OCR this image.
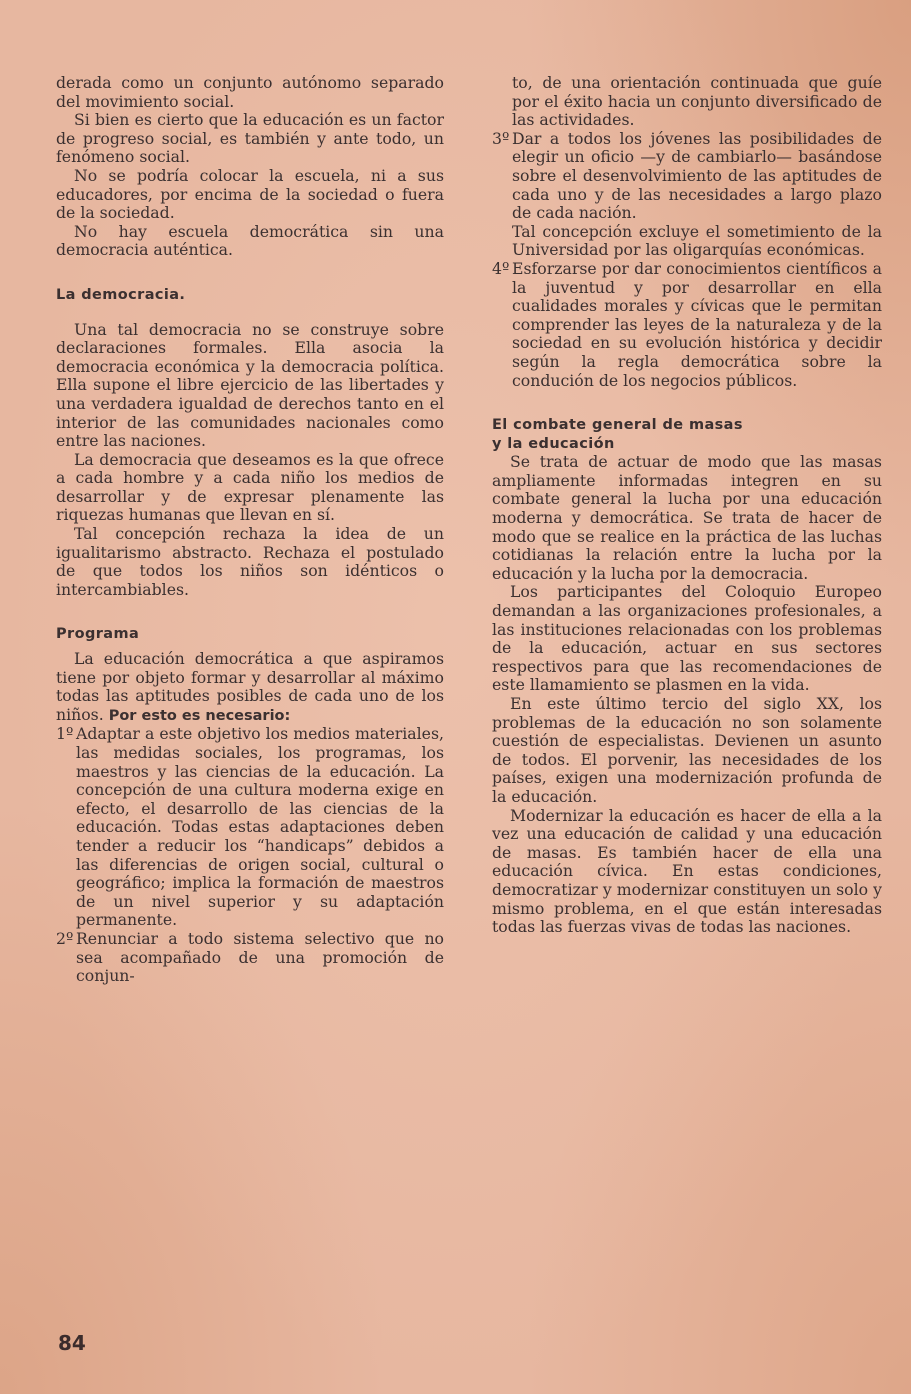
derada como un conjunto autónomo separado del movimiento social.

Si bien es cierto que la educación es un factor de progreso social, es también y ante todo, un fenómeno social.

No se podría colocar la escuela, ni a sus educadores, por encima de la sociedad o fuera de la sociedad.

No hay escuela democrática sin una democracia auténtica.

La democracia.

Una tal democracia no se construye sobre declaraciones formales. Ella asocia la democracia económica y la democracia política. Ella supone el libre ejercicio de las libertades y una verdadera igualdad de derechos tanto en el interior de las comunidades nacionales como entre las naciones.

La democracia que deseamos es la que ofrece a cada hombre y a cada niño los medios de desarrollar y de expresar plenamente las riquezas humanas que llevan en sí.

Tal concepción rechaza la idea de un igualitarismo abstracto. Rechaza el postulado de que todos los niños son idénticos o intercambiables.

Programa

La educación democrática a que aspiramos tiene por objeto formar y desarrollar al máximo todas las aptitudes posibles de cada uno de los niños. Por esto es necesario:

1º Adaptar a este objetivo los medios materiales, las medidas sociales, los programas, los maestros y las ciencias de la educación. La concepción de una cultura moderna exige en efecto, el desarrollo de las ciencias de la educación. Todas estas adaptaciones deben tender a reducir los “handicaps” debidos a las diferencias de origen social, cultural o geográfico; implica la formación de maestros de un nivel superior y su adaptación permanente.
2º Renunciar a todo sistema selectivo que no sea acompañado de una promoción de conjun-
to, de una orientación continuada que guíe por el éxito hacia un conjunto diversificado de las actividades.
3º Dar a todos los jóvenes las posibilidades de elegir un oficio —y de cambiarlo— basándose sobre el desenvolvimiento de las aptitudes de cada uno y de las necesidades a largo plazo de cada nación.
Tal concepción excluye el sometimiento de la Universidad por las oligarquías económicas.
4º Esforzarse por dar conocimientos científicos a la juventud y por desarrollar en ella cualidades morales y cívicas que le permitan comprender las leyes de la naturaleza y de la sociedad en su evolución histórica y decidir según la regla democrática sobre la condución de los negocios públicos.

El combate general de masas

y la educación

Se trata de actuar de modo que las masas ampliamente informadas integren en su combate general la lucha por una educación moderna y democrática. Se trata de hacer de modo que se realice en la práctica de las luchas cotidianas la relación entre la lucha por la educación y la lucha por la democracia.

Los participantes del Coloquio Europeo demandan a las organizaciones profesionales, a las instituciones relacionadas con los problemas de la educación, actuar en sus sectores respectivos para que las recomendaciones de este llamamiento se plasmen en la vida.

En este último tercio del siglo XX, los problemas de la educación no son solamente cuestión de especialistas. Devienen un asunto de todos. El porvenir, las necesidades de los países, exigen una modernización profunda de la educación.

Modernizar la educación es hacer de ella a la vez una educación de calidad y una educación de masas. Es también hacer de ella una educación cívica. En estas condiciones, democratizar y modernizar constituyen un solo y mismo problema, en el que están interesadas todas las fuerzas vivas de todas las naciones.

84
